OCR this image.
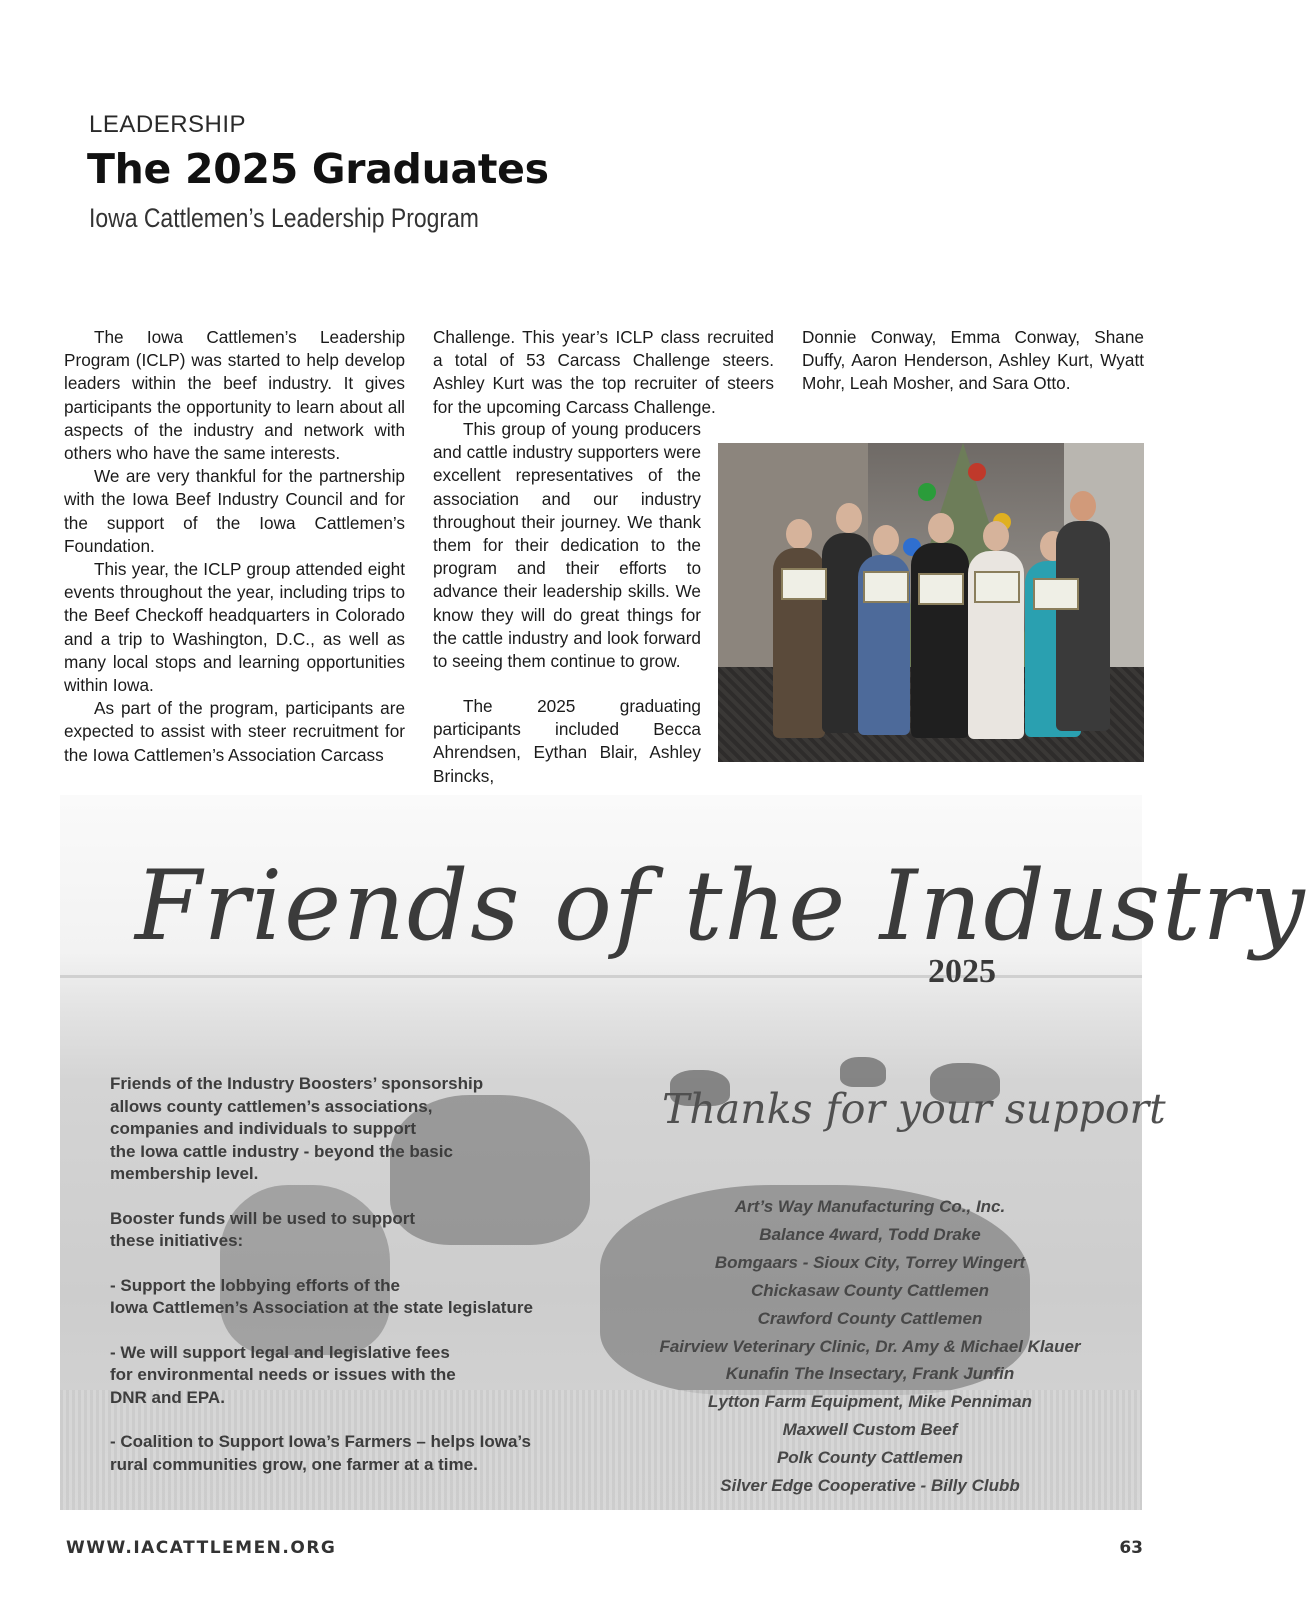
LEADERSHIP
The 2025 Graduates
Iowa Cattlemen’s Leadership Program

The Iowa Cattlemen’s Leadership Program (ICLP) was started to help develop leaders within the beef industry. It gives participants the opportunity to learn about all aspects of the industry and network with others who have the same interests.

We are very thankful for the partnership with the Iowa Beef Industry Council and for the support of the Iowa Cattlemen’s Foundation.

This year, the ICLP group attended eight events throughout the year, including trips to the Beef Checkoff headquarters in Colorado and a trip to Washington, D.C., as well as many local stops and learning opportunities within Iowa.

As part of the program, participants are expected to assist with steer recruitment for the Iowa Cattlemen’s Association Carcass

Challenge. This year’s ICLP class recruited a total of 53 Carcass Challenge steers. Ashley Kurt was the top recruiter of steers for the upcoming Carcass Challenge.

This group of young producers and cattle industry supporters were excellent representatives of the association and our industry throughout their journey. We thank them for their dedication to the program and their efforts to advance their leadership skills. We know they will do great things for the cattle industry and look forward to seeing them continue to grow.

The 2025 graduating participants included Becca Ahrendsen, Eythan Blair, Ashley Brincks,

Donnie Conway, Emma Conway, Shane Duffy, Aaron Henderson, Ashley Kurt, Wyatt Mohr, Leah Mosher, and Sara Otto.

Friends of the Industry
2025

Friends of the Industry Boosters’ sponsorship
allows county cattlemen’s associations,
companies and individuals to support
the Iowa cattle industry - beyond the basic
membership level.

Booster funds will be used to support
these initiatives:

- Support the lobbying efforts of the
Iowa Cattlemen’s Association at the state legislature

- We will support legal and legislative fees
for environmental needs or issues with the
DNR and EPA.

- Coalition to Support Iowa’s Farmers – helps Iowa’s
rural communities grow, one farmer at a time.

Thanks for your support
Art’s Way Manufacturing Co., Inc.
Balance 4ward, Todd Drake
Bomgaars - Sioux City, Torrey Wingert
Chickasaw County Cattlemen
Crawford County Cattlemen
Fairview Veterinary Clinic, Dr. Amy & Michael Klauer
Kunafin The Insectary, Frank Junfin
Lytton Farm Equipment, Mike Penniman
Maxwell Custom Beef
Polk County Cattlemen
Silver Edge Cooperative - Billy Clubb
WWW.IACATTLEMEN.ORG	63
